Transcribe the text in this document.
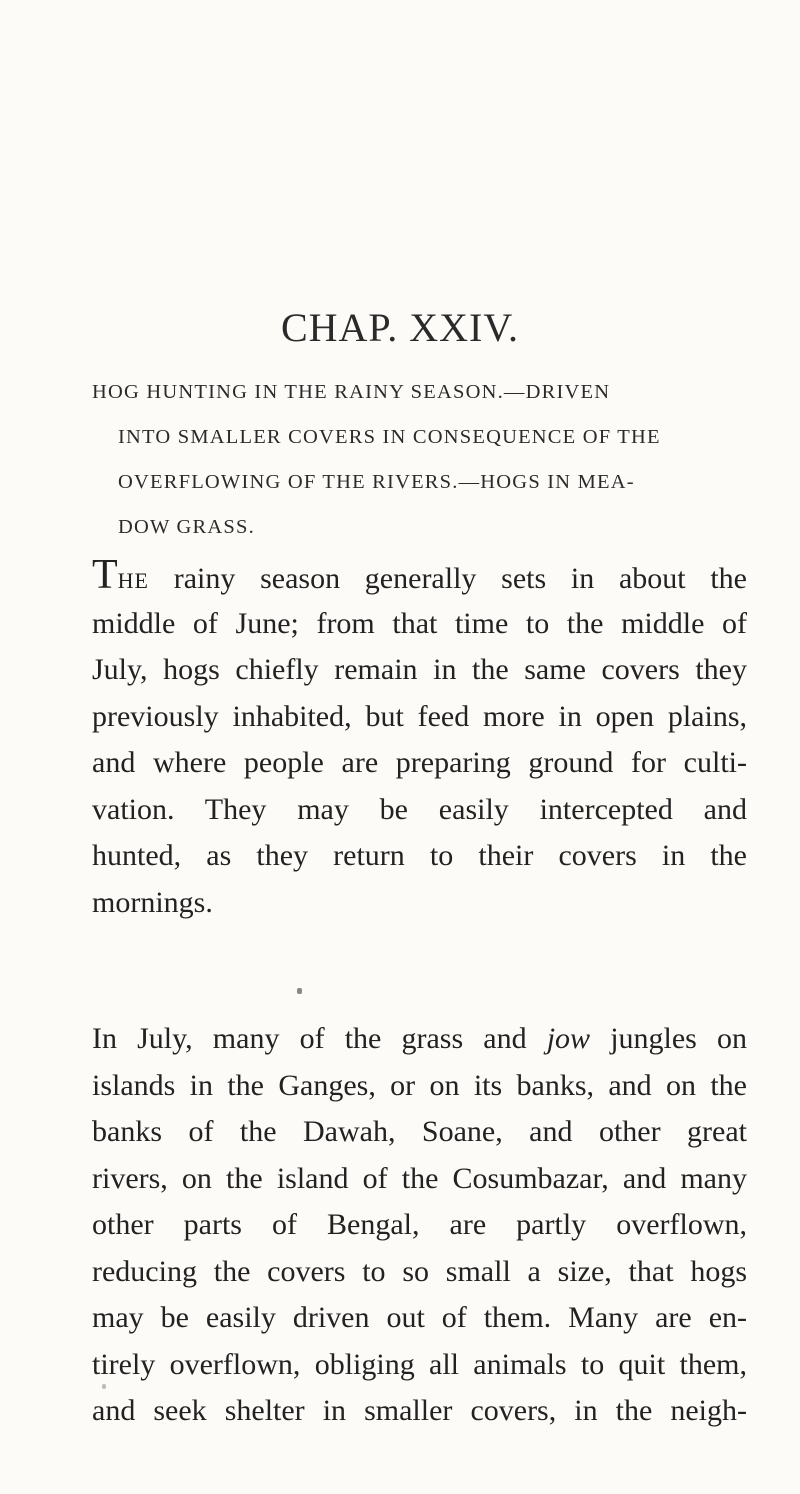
CHAP. XXIV.
HOG HUNTING IN THE RAINY SEASON.—DRIVEN
INTO SMALLER COVERS IN CONSEQUENCE OF THE
OVERFLOWING OF THE RIVERS.—HOGS IN MEA-
DOW GRASS.
THE rainy season generally sets in about the
middle of June; from that time to the middle of
July, hogs chiefly remain in the same covers they
previously inhabited, but feed more in open plains,
and where people are preparing ground for culti-
vation. They may be easily intercepted and
hunted, as they return to their covers in the
mornings.
In July, many of the grass and jow jungles on
islands in the Ganges, or on its banks, and on the
banks of the Dawah, Soane, and other great
rivers, on the island of the Cosumbazar, and many
other parts of Bengal, are partly overflown,
reducing the covers to so small a size, that hogs
may be easily driven out of them. Many are en-
tirely overflown, obliging all animals to quit them,
and seek shelter in smaller covers, in the neigh-
